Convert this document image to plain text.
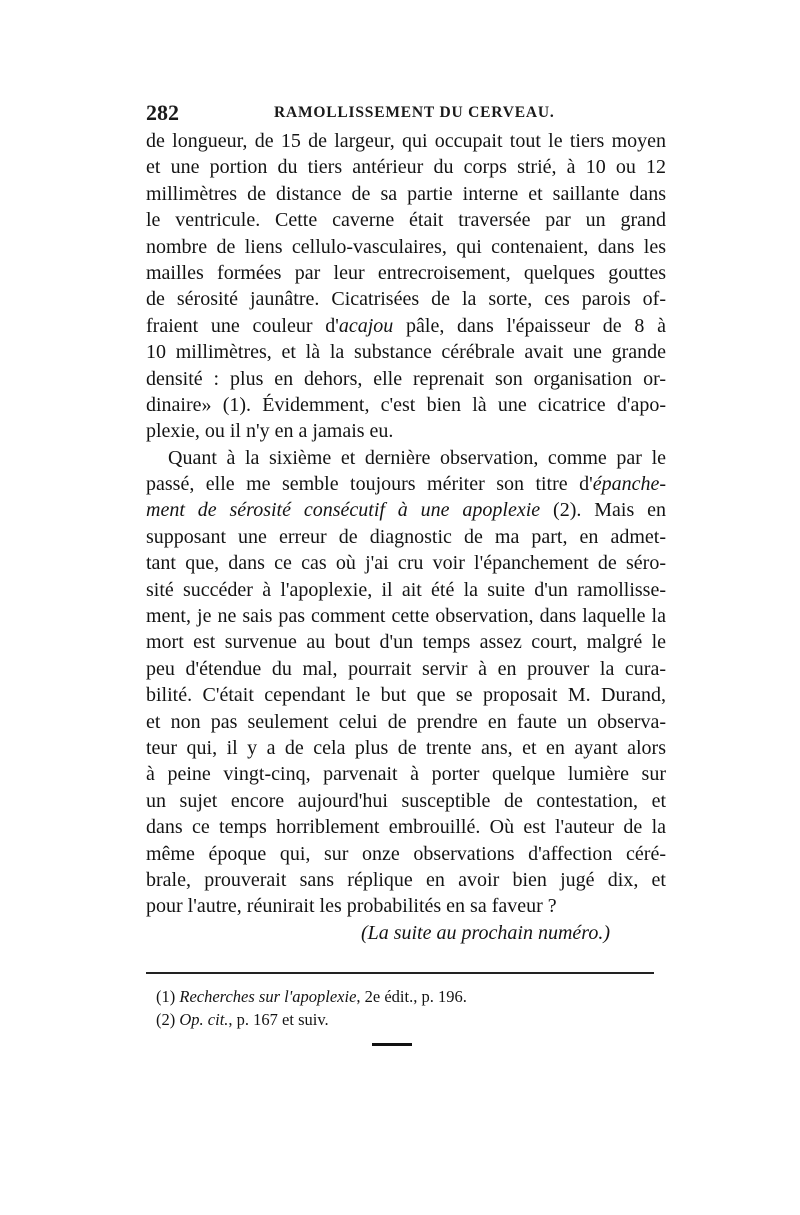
282	RAMOLLISSEMENT DU CERVEAU.
de longueur, de 15 de largeur, qui occupait tout le tiers moyen
et une portion du tiers antérieur du corps strié, à 10 ou 12
millimètres de distance de sa partie interne et saillante dans
le ventricule. Cette caverne était traversée par un grand
nombre de liens cellulo-vasculaires, qui contenaient, dans les
mailles formées par leur entrecroisement, quelques gouttes
de sérosité jaunâtre. Cicatrisées de la sorte, ces parois of-
fraient une couleur d'acajou pâle, dans l'épaisseur de 8 à
10 millimètres, et là la substance cérébrale avait une grande
densité : plus en dehors, elle reprenait son organisation or-
dinaire» (1). Évidemment, c'est bien là une cicatrice d'apo-
plexie, ou il n'y en a jamais eu.
Quant à la sixième et dernière observation, comme par le
passé, elle me semble toujours mériter son titre d'épanche-
ment de sérosité consécutif à une apoplexie (2). Mais en
supposant une erreur de diagnostic de ma part, en admet-
tant que, dans ce cas où j'ai cru voir l'épanchement de séro-
sité succéder à l'apoplexie, il ait été la suite d'un ramollisse-
ment, je ne sais pas comment cette observation, dans laquelle la
mort est survenue au bout d'un temps assez court, malgré le
peu d'étendue du mal, pourrait servir à en prouver la cura-
bilité. C'était cependant le but que se proposait M. Durand,
et non pas seulement celui de prendre en faute un observa-
teur qui, il y a de cela plus de trente ans, et en ayant alors
à peine vingt-cinq, parvenait à porter quelque lumière sur
un sujet encore aujourd'hui susceptible de contestation, et
dans ce temps horriblement embrouillé. Où est l'auteur de la
même époque qui, sur onze observations d'affection céré-
brale, prouverait sans réplique en avoir bien jugé dix, et
pour l'autre, réunirait les probabilités en sa faveur ?
(La suite au prochain numéro.)
(1) Recherches sur l'apoplexie, 2e édit., p. 196.
(2) Op. cit., p. 167 et suiv.
